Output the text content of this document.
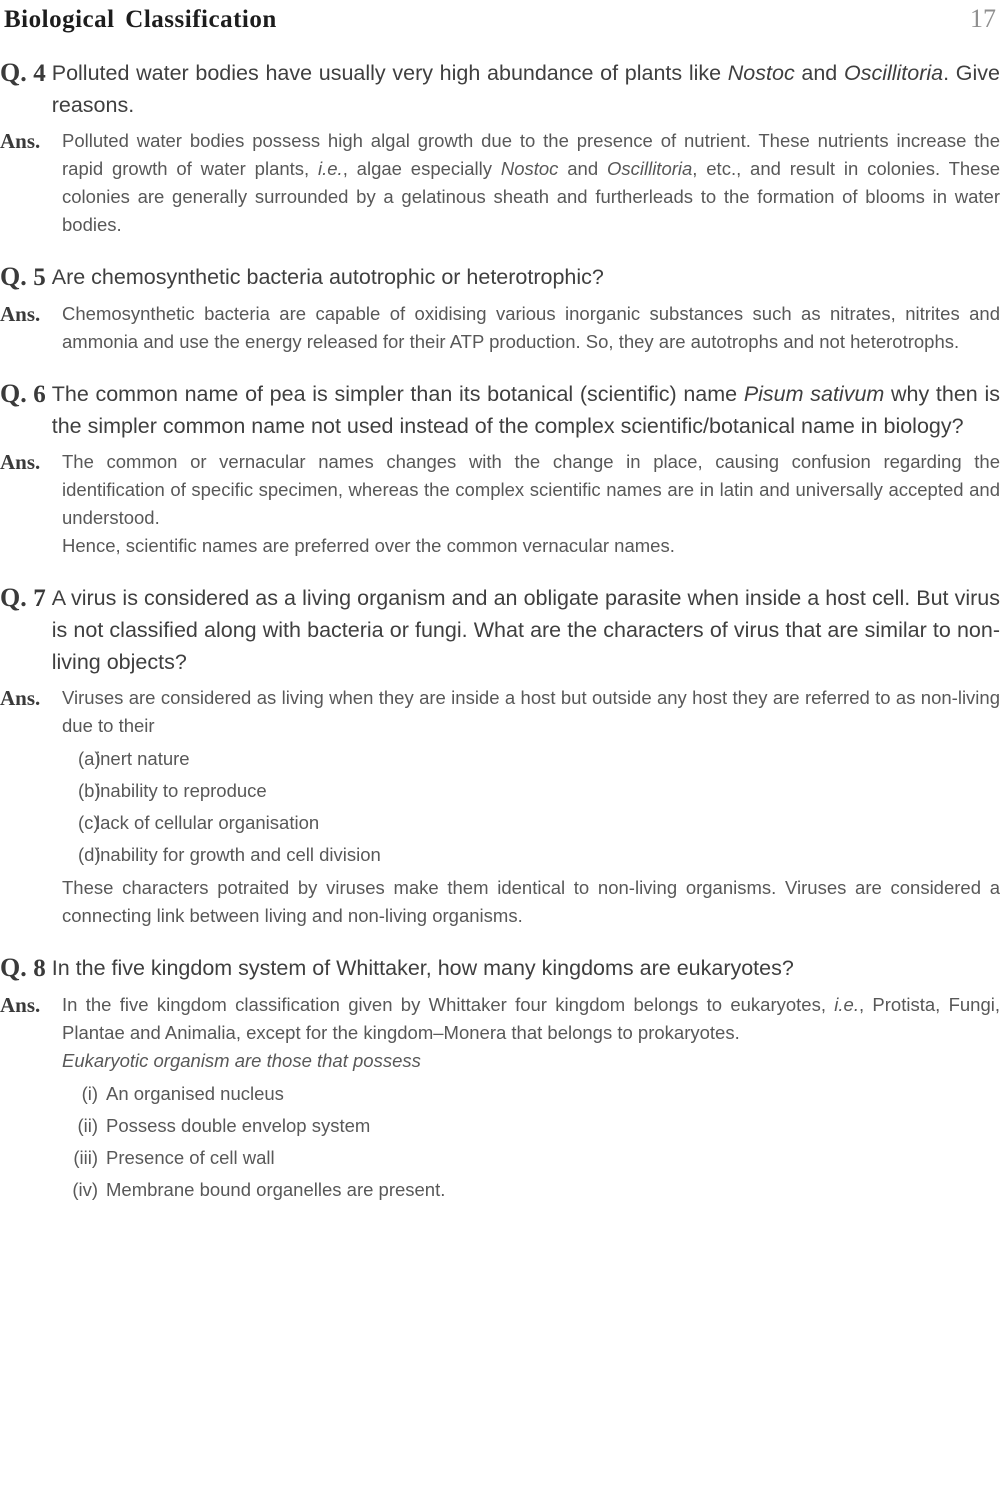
Biological Classification	17
Q. 4 Polluted water bodies have usually very high abundance of plants like Nostoc and Oscillitoria. Give reasons.
Ans.	Polluted water bodies possess high algal growth due to the presence of nutrient. These nutrients increase the rapid growth of water plants, i.e., algae especially Nostoc and Oscillitoria, etc., and result in colonies. These colonies are generally surrounded by a gelatinous sheath and furtherleads to the formation of blooms in water bodies.

Q. 5 Are chemosynthetic bacteria autotrophic or heterotrophic?
Ans.	Chemosynthetic bacteria are capable of oxidising various inorganic substances such as nitrates, nitrites and ammonia and use the energy released for their ATP production. So, they are autotrophs and not heterotrophs.

Q. 6 The common name of pea is simpler than its botanical (scientific) name Pisum sativum why then is the simpler common name not used instead of the complex scientific/botanical name in biology?
Ans.	The common or vernacular names changes with the change in place, causing confusion regarding the identification of specific specimen, whereas the complex scientific names are in latin and universally accepted and understood.

Hence, scientific names are preferred over the common vernacular names.

Q. 7 A virus is considered as a living organism and an obligate parasite when inside a host cell. But virus is not classified along with bacteria or fungi. What are the characters of virus that are similar to non-living objects?
Ans.	Viruses are considered as living when they are inside a host but outside any host they are referred to as non-living due to their

(a)
inert nature
(b)
inability to reproduce
(c)
lack of cellular organisation
(d)
inability for growth and cell division

These characters potraited by viruses make them identical to non-living organisms. Viruses are considered a connecting link between living and non-living organisms.

Q. 8 In the five kingdom system of Whittaker, how many kingdoms are eukaryotes?
Ans.	In the five kingdom classification given by Whittaker four kingdom belongs to eukaryotes, i.e., Protista, Fungi, Plantae and Animalia, except for the kingdom–Monera that belongs to prokaryotes.

Eukaryotic organism are those that possess

(i) An organised nucleus
(ii) Possess double envelop system
(iii) Presence of cell wall
(iv) Membrane bound organelles are present.
